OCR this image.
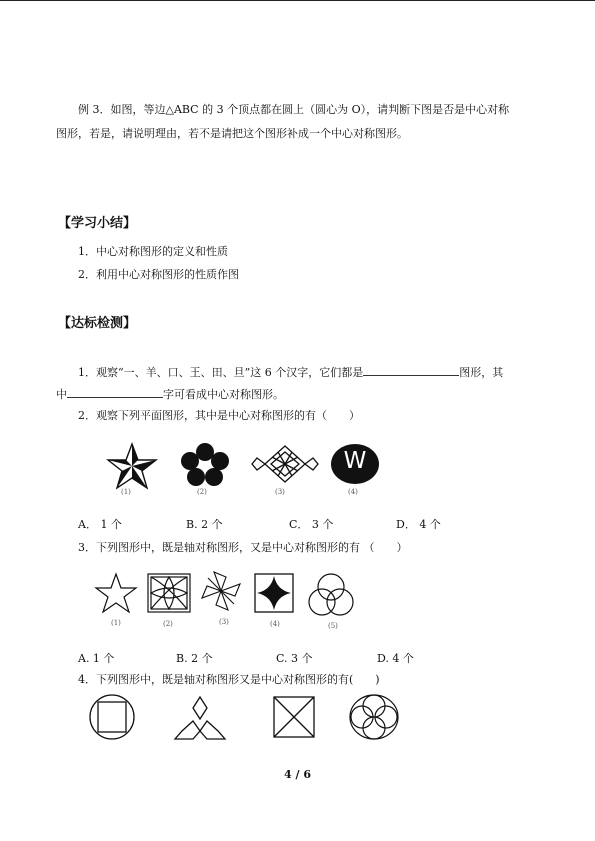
例 3．如图，等边△ABC 的 3 个顶点都在圆上（圆心为 O），请判断下图是否是中心对称
图形，若是，请说明理由，若不是请把这个图形补成一个中心对称图形。
【学习小结】
1．中心对称图形的定义和性质
2．利用中心对称图形的性质作图
【达标检测】
1．观察“一、羊、口、王、田、旦”这 6 个汉字，它们都是	图形，其
中	字可看成中心对称图形。
2．观察下列平面图形，其中是中心对称图形的有（　　）
(1)	(2)	(3)
W
(4)
A． 1 个	B. 2 个	C． 3 个	D． 4 个
3．下列图形中，既是轴对称图形，又是中心对称图形的有 （　　）
(1)	(2)	(3)	(4)	(5)
A. 1 个	B. 2 个	C. 3 个	D. 4 个
4．下列图形中，既是轴对称图形又是中心对称图形的有(　　)
4 / 6
